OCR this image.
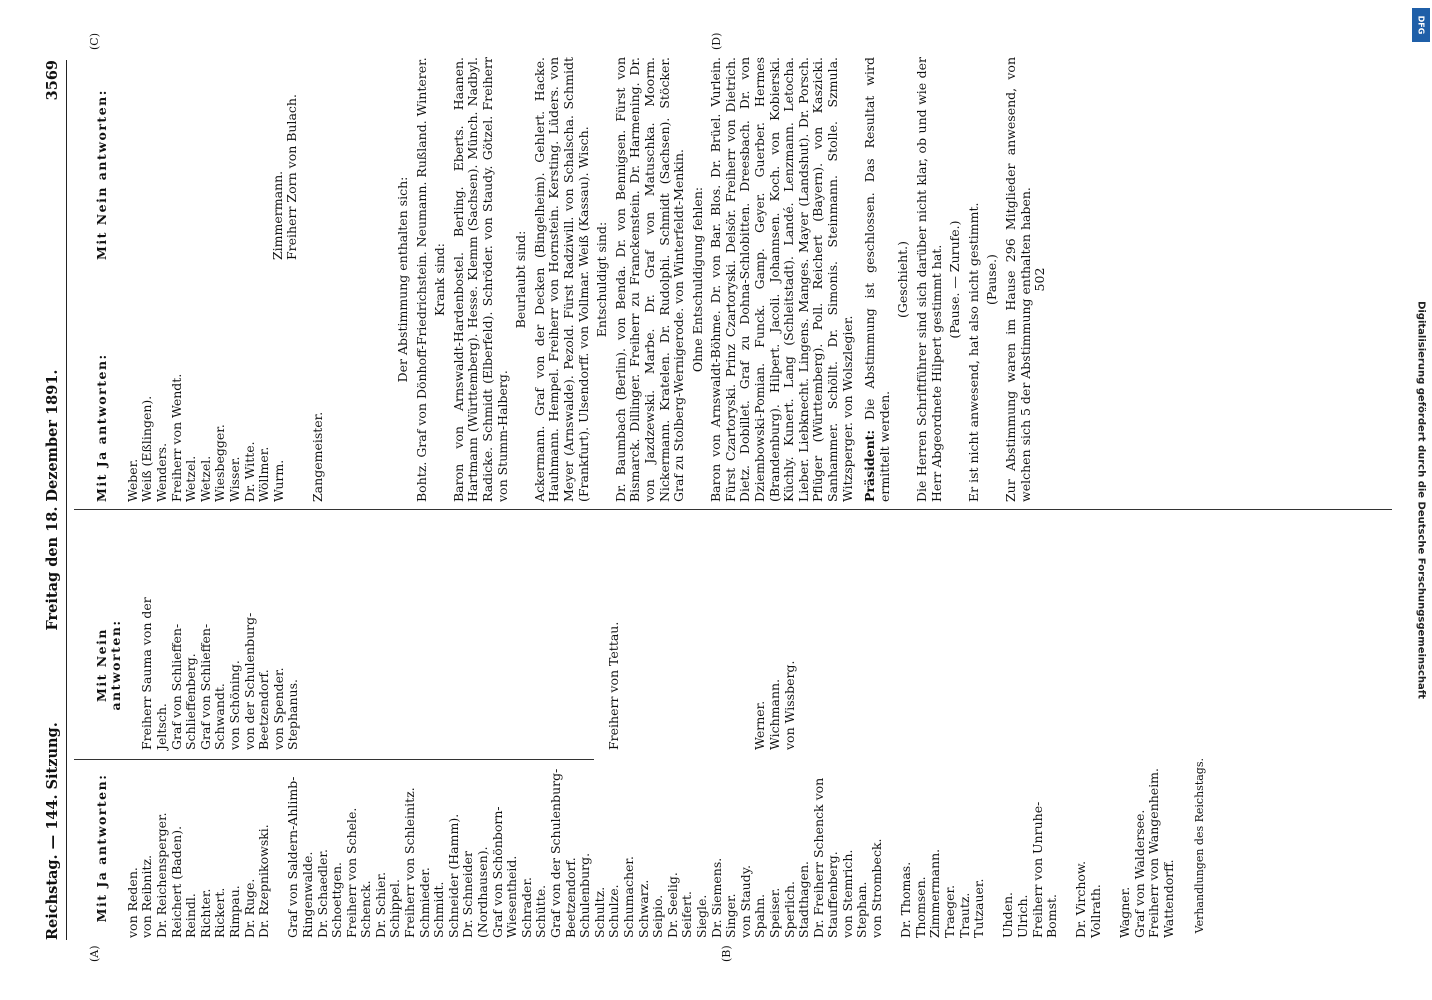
Reichstag. — 144. Sitzung.
Freitag den 18. Dezember 1891.
3569
(A)	(B)
(C)	(D)

Mit Ja antworten:

von Reden.
von Reibnitz.
Dr. Reichensperger.
Reichert (Baden).
Reindl.
Richter.
Rickert.
Rimpau.
Dr. Ruge.
Dr. Rzepnikowski.

Graf von Saldern-Ahlimb-Ringenwalde.
Dr. Schaedler.
Schoettgen.
Freiherr von Schele.
Schenck.
Dr. Schier.
Schippel.
Freiherr von Schleinitz.
Schmieder.
Schmidt.
Schneider (Hamm).
Dr. Schneider (Nordhausen).
Graf von Schönborn-Wiesentheid.
Schrader.
Schütte.
Graf von der Schulenburg-Beetzendorf.
Schulenburg.
Schultz.
Schulze.
Schumacher.
Schwarz.
Seipio.
Dr. Seelig.
Seifert.
Siegle.
Dr. Siemens.
Singer.
von Staudy.
Spahn.
Speiser.
Sperlich.
Stadthagen.
Dr. Freiherr Schenck von Stauffenberg.
von Stemrich.
Stephan.
von Strombeck.

Dr. Thomas.
Thomsen.
Zimmermann.
Traeger.
Trautz.
Tutzauer.

Uhden.
Ulrich.
Freiherr von Unruhe-Bomst.

Dr. Virchow.
Vollrath.

Wagner.
Graf von Waldersee.
Freiherr von Wangenheim.
Wattendorff. Verhandlungen des Reichstags.

Mit Nein antworten:

Freiherr Sauma von der Jeltsch.
Graf von Schlieffen-Schlieffenberg.
Graf von Schlieffen-Schwandt.
von Schöning.
von der Schulenburg-Beetzendorf.
von Spender.
Stephanus.

Freiherr von Tettau.

Werner.
Wichmann.
von Wissberg.

Mit Ja antworten: Weber.
Weiß (Eßlingen).
Wenders.
Freiherr von Wendt.
Wetzel.
Wetzel.
Wiesbegger.
Wisser.
Dr. Witte.
Wöllmer.
Wurm. Zangemeister.

Mit Nein antworten:	Zimmermann.
Freiherr Zorn von Bulach.

Der Abstimmung enthalten sich: Bohtz. Graf von Dönhoff-Friedrichstein. Neumann. Rußland. Winterer. Krank sind: Baron von Arnswaldt-Hardenbostel. Berling. Eberts. Haanen. Hartmann (Württemberg). Hesse. Klemm (Sachsen). Münch. Nadbyl. Radicke. Schmidt (Elberfeld). Schröder. von Staudy. Götzel. Freiherr von Stumm-Halberg.
Beurlaubt sind: Ackermann. Graf von der Decken (Bingelheim). Gehlert. Hacke. Hauhmann. Hempel. Freiherr von Hornstein. Kersting. Lüders. von Meyer (Arnswalde). Pezold. Fürst Radziwill. von Schalscha. Schmidt (Frankfurt). Ulsendorff. von Vollmar. Weiß (Kassau). Wisch. Entschuldigt sind: Dr. Baumbach (Berlin). von Benda. Dr. von Bennigsen. Fürst von Bismarck. Dillinger. Freiherr zu Franckenstein. Dr. Harmening. Dr. von Jazdzewski. Marbe. Dr. Graf von Matuschka. Moorm. Nickermann. Kratelen. Dr. Rudolphi. Schmidt (Sachsen). Stöcker. Graf zu Stolberg-Wernigerode. von Winterfeldt-Menkin. Ohne Entschuldigung fehlen: Baron von Arnswaldt-Böhme. Dr. von Bar. Blos. Dr. Brüel. Vurlein. Fürst Czartoryski. Prinz Czartoryski. Delsör. Freiherr von Dietrich. Dietz. Dobillet. Graf zu Dohna-Schlobitten. Dreesbach. Dr. von Dziembowski-Pomian. Funck. Gamp. Geyer. Guerber. Hermes (Brandenburg). Hilpert. Jacoli. Johannsen. Koch. von Kobierski. Küchly. Kunert. Lang (Schleitstadt). Landé. Lenzmann. Letocha. Lieber. Liebknecht. Lingens. Manges. Mayer (Landshut). Dr. Porsch. Pflüger (Württemberg). Poll. Reichert (Bayern). von Kaszicki. Sanhammer. Schöllt. Dr. Simonis. Steinmann. Stolle. Szmula. Witzsperger. von Wolszlegier. Präsident: Die Abstimmung ist geschlossen. Das Resultat wird ermittelt werden.
(Geschieht.) Die Herren Schriftführer sind sich darüber nicht klar, ob und wie der Herr Abgeordnete Hilpert gestimmt hat. (Pause. — Zurufe.) Er ist nicht anwesend, hat also nicht gestimmt. (Pause.) Zur Abstimmung waren im Hause 296 Mitglieder anwesend, von welchen sich 5 der Abstimmung enthalten haben. 502
Digitalisierung gefördert durch die Deutsche Forschungsgemeinschaft
DFG
